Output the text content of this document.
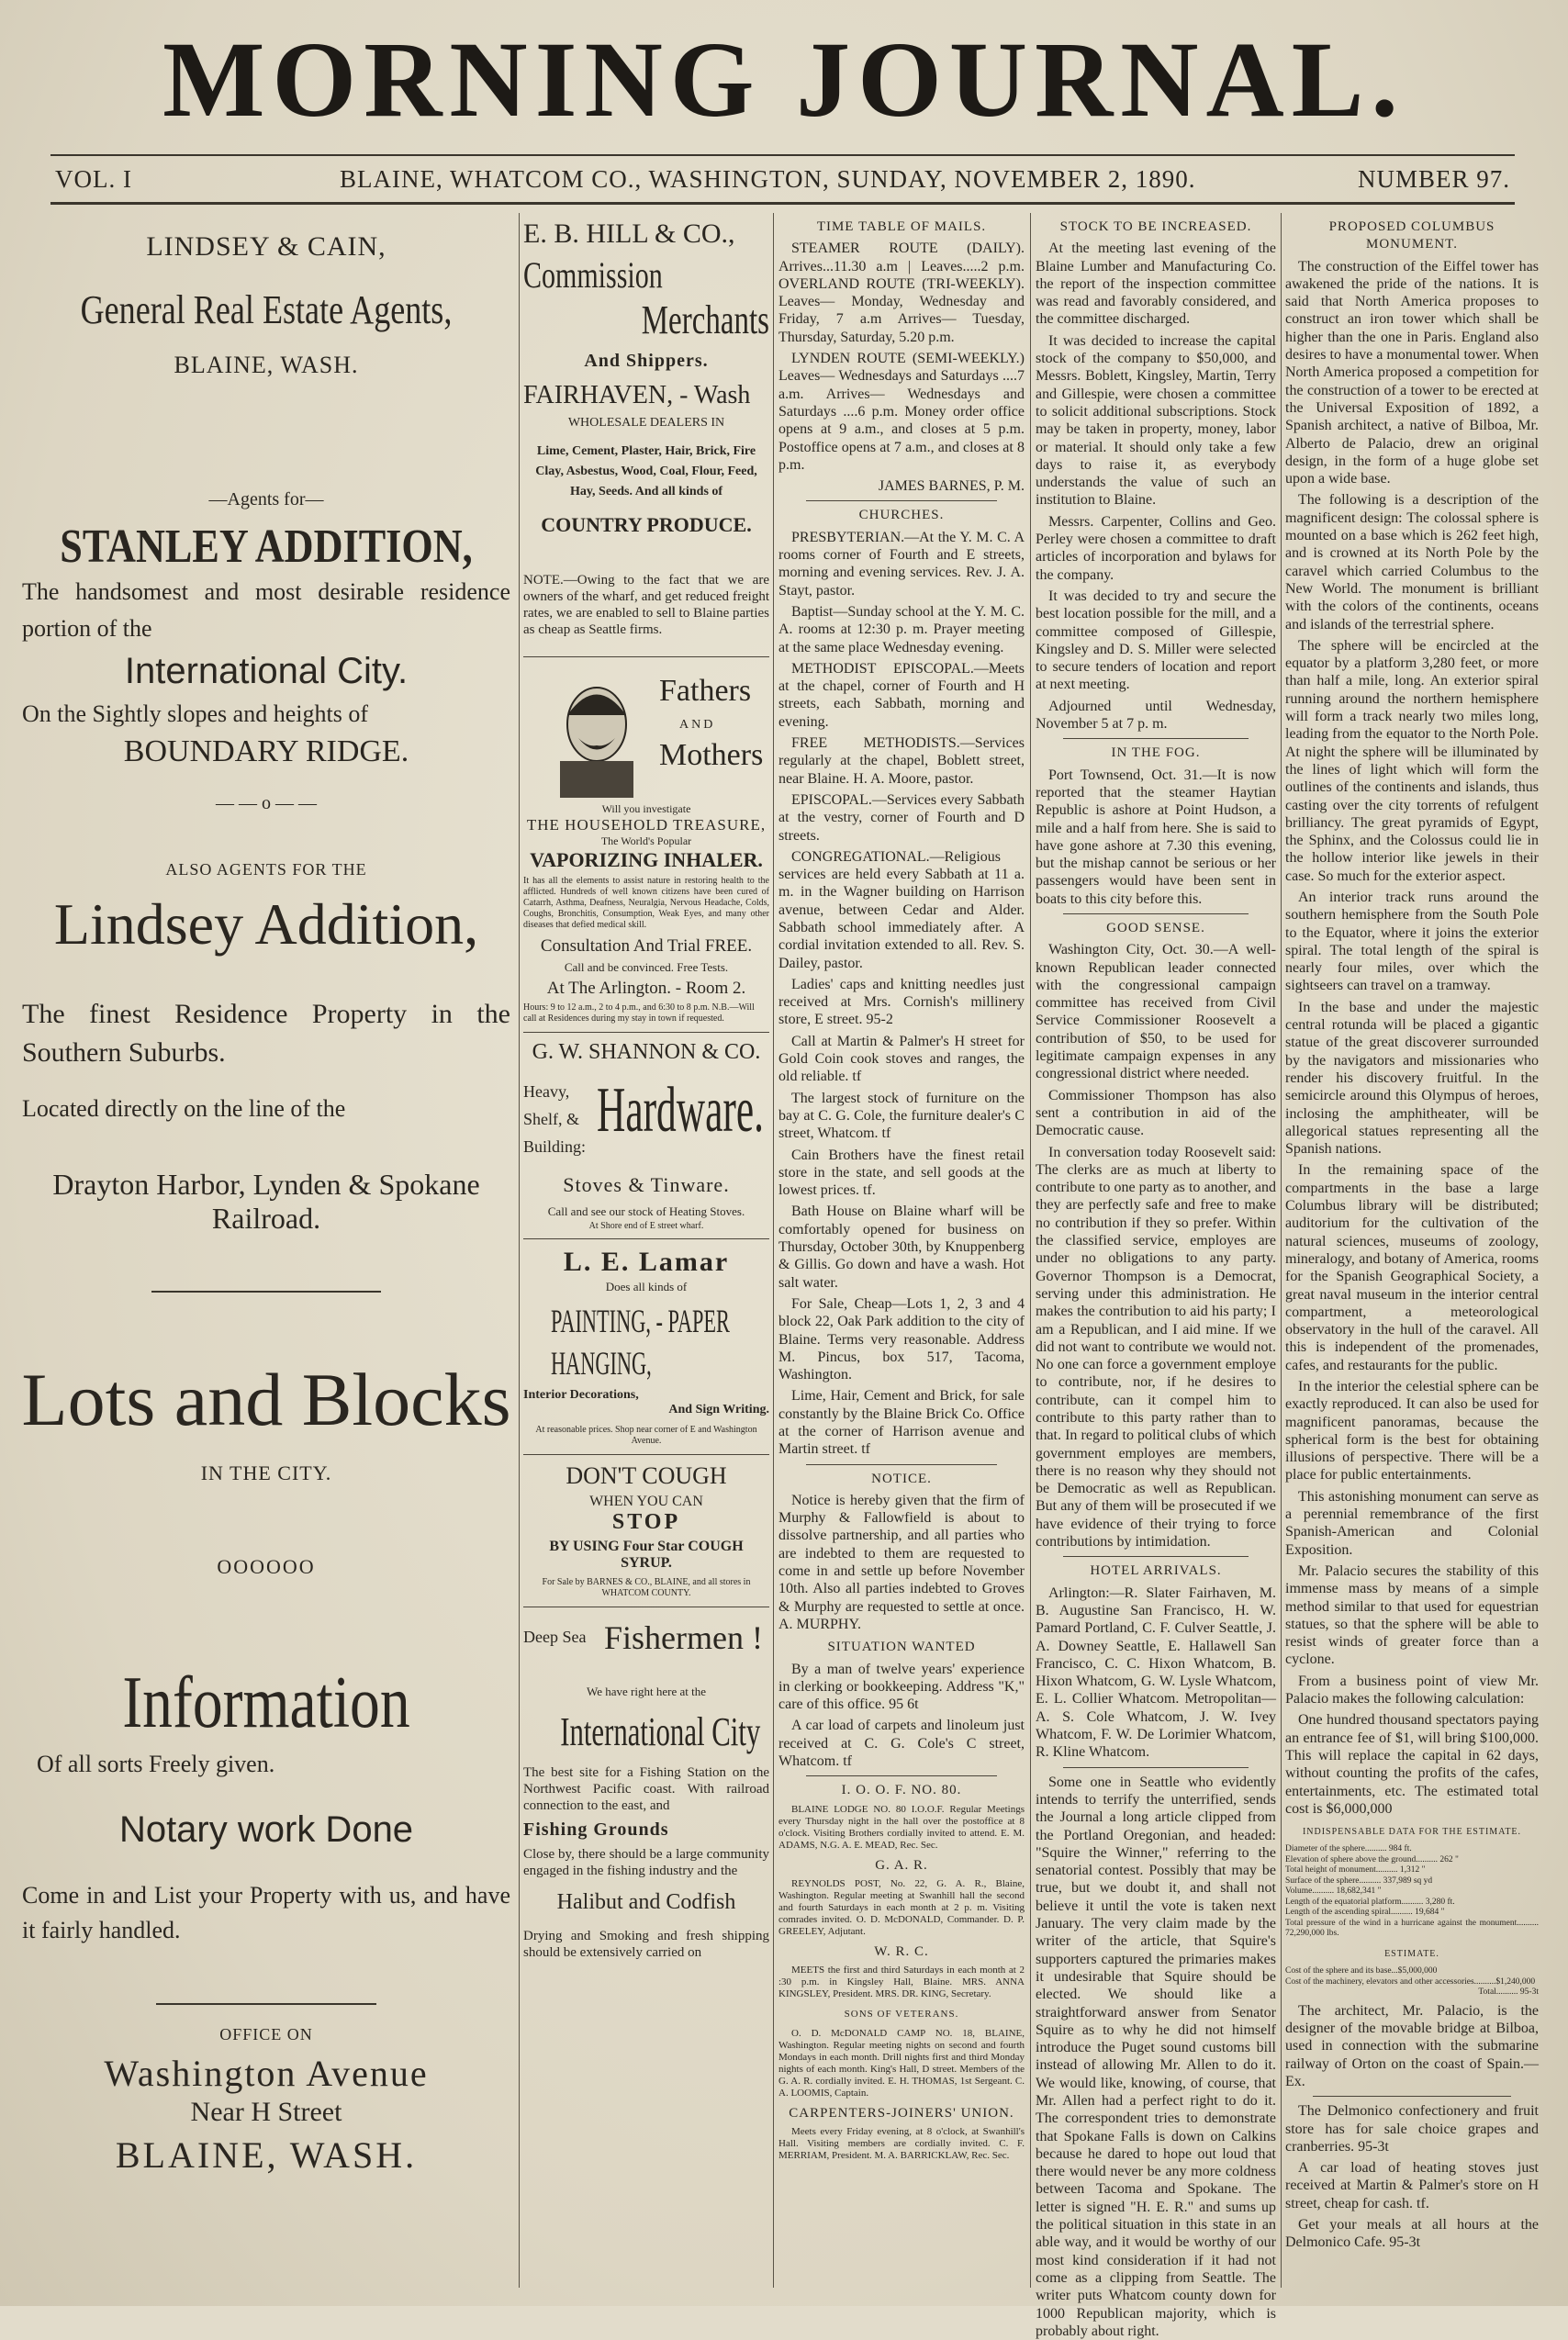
MORNING JOURNAL.
VOL. I	BLAINE, WHATCOM CO., WASHINGTON, SUNDAY, NOVEMBER 2, 1890.	NUMBER 97.
LINDSEY & CAIN,
General Real Estate Agents,
BLAINE, WASH.
—Agents for—
STANLEY ADDITION,
The handsomest and most desirable residence portion of the
International City.
On the Sightly slopes and heights of
BOUNDARY RIDGE.
— — o — —
ALSO AGENTS FOR THE
Lindsey Addition,
The finest Residence Property in the Southern Suburbs.
Located directly on the line of the
Drayton Harbor, Lynden & Spokane Railroad.
Lots and Blocks
IN THE CITY.
OOOOOO
Information
Of all sorts Freely given.
Notary work Done
Come in and List your Property with us, and have it fairly handled.
OFFICE ON
Washington Avenue
Near H Street
BLAINE, WASH.
E. B. HILL & CO.,
Commission
Merchants
And Shippers.
FAIRHAVEN, - Wash
WHOLESALE DEALERS IN
Lime, Cement, Plaster, Hair, Brick, Fire Clay, Asbestus, Wood, Coal, Flour, Feed, Hay, Seeds. And all kinds of
COUNTRY PRODUCE.
NOTE.—Owing to the fact that we are owners of the wharf, and get reduced freight rates, we are enabled to sell to Blaine parties as cheap as Seattle firms.
Fathers
AND
Mothers
Will you investigate
THE HOUSEHOLD TREASURE,
The World's Popular
VAPORIZING INHALER.
It has all the elements to assist nature in restoring health to the afflicted. Hundreds of well known citizens have been cured of Catarrh, Asthma, Deafness, Neuralgia, Nervous Headache, Colds, Coughs, Bronchitis, Consumption, Weak Eyes, and many other diseases that defied medical skill.
Consultation And Trial FREE.
Call and be convinced. Free Tests.
At The Arlington. - Room 2.
Hours: 9 to 12 a.m., 2 to 4 p.m., and 6:30 to 8 p.m. N.B.—Will call at Residences during my stay in town if requested.
G. W. SHANNON & CO.
Heavy, Shelf, & Building:
Hardware.
Stoves & Tinware.
Call and see our stock of Heating Stoves.
At Shore end of E street wharf.
L. E. Lamar
Does all kinds of
PAINTING, - PAPER HANGING,
Interior Decorations,
And Sign Writing.
At reasonable prices. Shop near corner of E and Washington Avenue.
DON'T COUGH
WHEN YOU CAN
STOP
BY USING Four Star COUGH SYRUP.
For Sale by BARNES & CO., BLAINE, and all stores in WHATCOM COUNTY.
Deep Sea Fishermen !
We have right here at the
International City
The best site for a Fishing Station on the Northwest Pacific coast. With railroad connection to the east, and
Fishing Grounds
Close by, there should be a large community engaged in the fishing industry and the
Halibut and Codfish
Drying and Smoking and fresh shipping should be extensively carried on
TIME TABLE OF MAILS.

STEAMER ROUTE (DAILY). Arrives...11.30 a.m | Leaves.....2 p.m. OVERLAND ROUTE (TRI-WEEKLY). Leaves— Monday, Wednesday and Friday, 7 a.m Arrives— Tuesday, Thursday, Saturday, 5.20 p.m.

LYNDEN ROUTE (SEMI-WEEKLY.) Leaves— Wednesdays and Saturdays ....7 a.m. Arrives— Wednesdays and Saturdays ....6 p.m. Money order office opens at 9 a.m., and closes at 5 p.m. Postoffice opens at 7 a.m., and closes at 8 p.m.

JAMES BARNES, P. M.

CHURCHES.

PRESBYTERIAN.—At the Y. M. C. A rooms corner of Fourth and E streets, morning and evening services. Rev. J. A. Stayt, pastor.

Baptist—Sunday school at the Y. M. C. A. rooms at 12:30 p. m. Prayer meeting at the same place Wednesday evening.

METHODIST EPISCOPAL.—Meets at the chapel, corner of Fourth and H streets, each Sabbath, morning and evening.

FREE METHODISTS.—Services regularly at the chapel, Boblett street, near Blaine. H. A. Moore, pastor.

EPISCOPAL.—Services every Sabbath at the vestry, corner of Fourth and D streets.

CONGREGATIONAL.—Religious services are held every Sabbath at 11 a. m. in the Wagner building on Harrison avenue, between Cedar and Alder. Sabbath school immediately after. A cordial invitation extended to all. Rev. S. Dailey, pastor.

Ladies' caps and knitting needles just received at Mrs. Cornish's millinery store, E street. 95-2

Call at Martin & Palmer's H street for Gold Coin cook stoves and ranges, the old reliable. tf

The largest stock of furniture on the bay at C. G. Cole, the furniture dealer's C street, Whatcom. tf

Cain Brothers have the finest retail store in the state, and sell goods at the lowest prices. tf.

Bath House on Blaine wharf will be comfortably opened for business on Thursday, October 30th, by Knuppenberg & Gillis. Go down and have a wash. Hot salt water.

For Sale, Cheap—Lots 1, 2, 3 and 4 block 22, Oak Park addition to the city of Blaine. Terms very reasonable. Address M. Pincus, box 517, Tacoma, Washington.

Lime, Hair, Cement and Brick, for sale constantly by the Blaine Brick Co. Office at the corner of Harrison avenue and Martin street. tf

NOTICE.

Notice is hereby given that the firm of Murphy & Fallowfield is about to dissolve partnership, and all parties who are indebted to them are requested to come in and settle up before November 10th. Also all parties indebted to Groves & Murphy are requested to settle at once. A. MURPHY.

SITUATION WANTED

By a man of twelve years' experience in clerking or bookkeeping. Address "K," care of this office. 95 6t

A car load of carpets and linoleum just received at C. G. Cole's C street, Whatcom. tf

I. O. O. F. NO. 80.

BLAINE LODGE NO. 80 I.O.O.F. Regular Meetings every Thursday night in the hall over the postoffice at 8 o'clock. Visiting Brothers cordially invited to attend. E. M. ADAMS, N.G. A. E. MEAD, Rec. Sec.

G. A. R.

REYNOLDS POST, No. 22, G. A. R., Blaine, Washington. Regular meeting at Swanhill hall the second and fourth Saturdays in each month at 2 p. m. Visiting comrades invited. O. D. McDONALD, Commander. D. P. GREELEY, Adjutant.

W. R. C.

MEETS the first and third Saturdays in each month at 2 :30 p.m. in Kingsley Hall, Blaine. MRS. ANNA KINGSLEY, President. MRS. DR. KING, Secretary.

SONS OF VETERANS.

O. D. McDONALD CAMP NO. 18, BLAINE, Washington. Regular meeting nights on second and fourth Mondays in each month. Drill nights first and third Monday nights of each month. King's Hall, D street. Members of the G. A. R. cordially invited. E. H. THOMAS, 1st Sergeant. C. A. LOOMIS, Captain.

CARPENTERS-JOINERS' UNION.

Meets every Friday evening, at 8 o'clock, at Swanhill's Hall. Visiting members are cordially invited. C. F. MERRIAM, President. M. A. BARRICKLAW, Rec. Sec.

STOCK TO BE INCREASED.

At the meeting last evening of the Blaine Lumber and Manufacturing Co. the report of the inspection committee was read and favorably considered, and the committee discharged.

It was decided to increase the capital stock of the company to $50,000, and Messrs. Boblett, Kingsley, Martin, Terry and Gillespie, were chosen a committee to solicit additional subscriptions. Stock may be taken in property, money, labor or material. It should only take a few days to raise it, as everybody understands the value of such an institution to Blaine.

Messrs. Carpenter, Collins and Geo. Perley were chosen a committee to draft articles of incorporation and bylaws for the company.

It was decided to try and secure the best location possible for the mill, and a committee composed of Gillespie, Kingsley and D. S. Miller were selected to secure tenders of location and report at next meeting.

Adjourned until Wednesday, November 5 at 7 p. m.

IN THE FOG.

Port Townsend, Oct. 31.—It is now reported that the steamer Haytian Republic is ashore at Point Hudson, a mile and a half from here. She is said to have gone ashore at 7.30 this evening, but the mishap cannot be serious or her passengers would have been sent in boats to this city before this.

GOOD SENSE.

Washington City, Oct. 30.—A well-known Republican leader connected with the congressional campaign committee has received from Civil Service Commissioner Roosevelt a contribution of $50, to be used for legitimate campaign expenses in any congressional district where needed.

Commissioner Thompson has also sent a contribution in aid of the Democratic cause.

In conversation today Roosevelt said: The clerks are as much at liberty to contribute to one party as to another, and they are perfectly safe and free to make no contribution if they so prefer. Within the classified service, employes are under no obligations to any party. Governor Thompson is a Democrat, serving under this administration. He makes the contribution to aid his party; I am a Republican, and I aid mine. If we did not want to contribute we would not. No one can force a government employe to contribute, nor, if he desires to contribute, can it compel him to contribute to this party rather than to that. In regard to political clubs of which government employes are members, there is no reason why they should not be Democratic as well as Republican. But any of them will be prosecuted if we have evidence of their trying to force contributions by intimidation.

HOTEL ARRIVALS.

Arlington:—R. Slater Fairhaven, M. B. Augustine San Francisco, H. W. Pamard Portland, C. F. Culver Seattle, J. A. Downey Seattle, E. Hallawell San Francisco, C. C. Hixon Whatcom, B. Hixon Whatcom, G. W. Lysle Whatcom, E. L. Collier Whatcom. Metropolitan—A. S. Cole Whatcom, J. W. Ivey Whatcom, F. W. De Lorimier Whatcom, R. Kline Whatcom.

Some one in Seattle who evidently intends to terrify the unterrified, sends the Journal a long article clipped from the Portland Oregonian, and headed: "Squire the Winner," referring to the senatorial contest. Possibly that may be true, but we doubt it, and shall not believe it until the vote is taken next January. The very claim made by the writer of the article, that Squire's supporters captured the primaries makes it undesirable that Squire should be elected. We should like a straightforward answer from Senator Squire as to why he did not himself introduce the Puget sound customs bill instead of allowing Mr. Allen to do it. We would like, knowing, of course, that Mr. Allen had a perfect right to do it. The correspondent tries to demonstrate that Spokane Falls is down on Calkins because he dared to hope out loud that there would never be any more coldness between Tacoma and Spokane. The letter is signed "H. E. R." and sums up the political situation in this state in an able way, and it would be worthy of our most kind consideration if it had not come as a clipping from Seattle. The writer puts Whatcom county down for 1000 Republican majority, which is probably about right.

PROPOSED COLUMBUS MONUMENT.

The construction of the Eiffel tower has awakened the pride of the nations. It is said that North America proposes to construct an iron tower which shall be higher than the one in Paris. England also desires to have a monumental tower. When North America proposed a competition for the construction of a tower to be erected at the Universal Exposition of 1892, a Spanish architect, a native of Bilboa, Mr. Alberto de Palacio, drew an original design, in the form of a huge globe set upon a wide base.

The following is a description of the magnificent design: The colossal sphere is mounted on a base which is 262 feet high, and is crowned at its North Pole by the caravel which carried Columbus to the New World. The monument is brilliant with the colors of the continents, oceans and islands of the terrestrial sphere.

The sphere will be encircled at the equator by a platform 3,280 feet, or more than half a mile, long. An exterior spiral running around the northern hemisphere will form a track nearly two miles long, leading from the equator to the North Pole. At night the sphere will be illuminated by the lines of light which will form the outlines of the continents and islands, thus casting over the city torrents of refulgent brilliancy. The great pyramids of Egypt, the Sphinx, and the Colossus could lie in the hollow interior like jewels in their case. So much for the exterior aspect.

An interior track runs around the southern hemisphere from the South Pole to the Equator, where it joins the exterior spiral. The total length of the spiral is nearly four miles, over which the sightseers can travel on a tramway.

In the base and under the majestic central rotunda will be placed a gigantic statue of the great discoverer surrounded by the navigators and missionaries who render his discovery fruitful. In the semicircle around this Olympus of heroes, inclosing the amphitheater, will be allegorical statues representing all the Spanish nations.

In the remaining space of the compartments in the base a large Columbus library will be distributed; auditorium for the cultivation of the natural sciences, museums of zoology, mineralogy, and botany of America, rooms for the Spanish Geographical Society, a great naval museum in the interior central compartment, a meteorological observatory in the hull of the caravel. All this is independent of the promenades, cafes, and restaurants for the public.

In the interior the celestial sphere can be exactly reproduced. It can also be used for magnificent panoramas, because the spherical form is the best for obtaining illusions of perspective. There will be a place for public entertainments.

This astonishing monument can serve as a perennial remembrance of the first Spanish-American and Colonial Exposition.

Mr. Palacio secures the stability of this immense mass by means of a simple method similar to that used for equestrian statues, so that the sphere will be able to resist winds of greater force than a cyclone.

From a business point of view Mr. Palacio makes the following calculation:

One hundred thousand spectators paying an entrance fee of $1, will bring $100,000. This will replace the capital in 62 days, without counting the profits of the cafes, entertainments, etc. The estimated total cost is $6,000,000

INDISPENSABLE DATA FOR THE ESTIMATE.
Diameter of the sphere.......... 984 ft.
Elevation of sphere above the ground.......... 262 "
Total height of monument.......... 1,312 "
Surface of the sphere.......... 337,989 sq yd
Volume.......... 18,682,341 "
Length of the equatorial platform.......... 3,280 ft.
Length of the ascending spiral.......... 19,684 "
Total pressure of the wind in a hurricane against the monument.......... 72,290,000 lbs.
ESTIMATE.
Cost of the sphere and its base...$5,000,000
Cost of the machinery, elevators and other accessories..........$1,240,000
Total.......... 95-3t

The architect, Mr. Palacio, is the designer of the movable bridge at Bilboa, used in connection with the submarine railway of Orton on the coast of Spain.—Ex.

The Delmonico confectionery and fruit store has for sale choice grapes and cranberries. 95-3t

A car load of heating stoves just received at Martin & Palmer's store on H street, cheap for cash. tf.

Get your meals at all hours at the Delmonico Cafe. 95-3t
